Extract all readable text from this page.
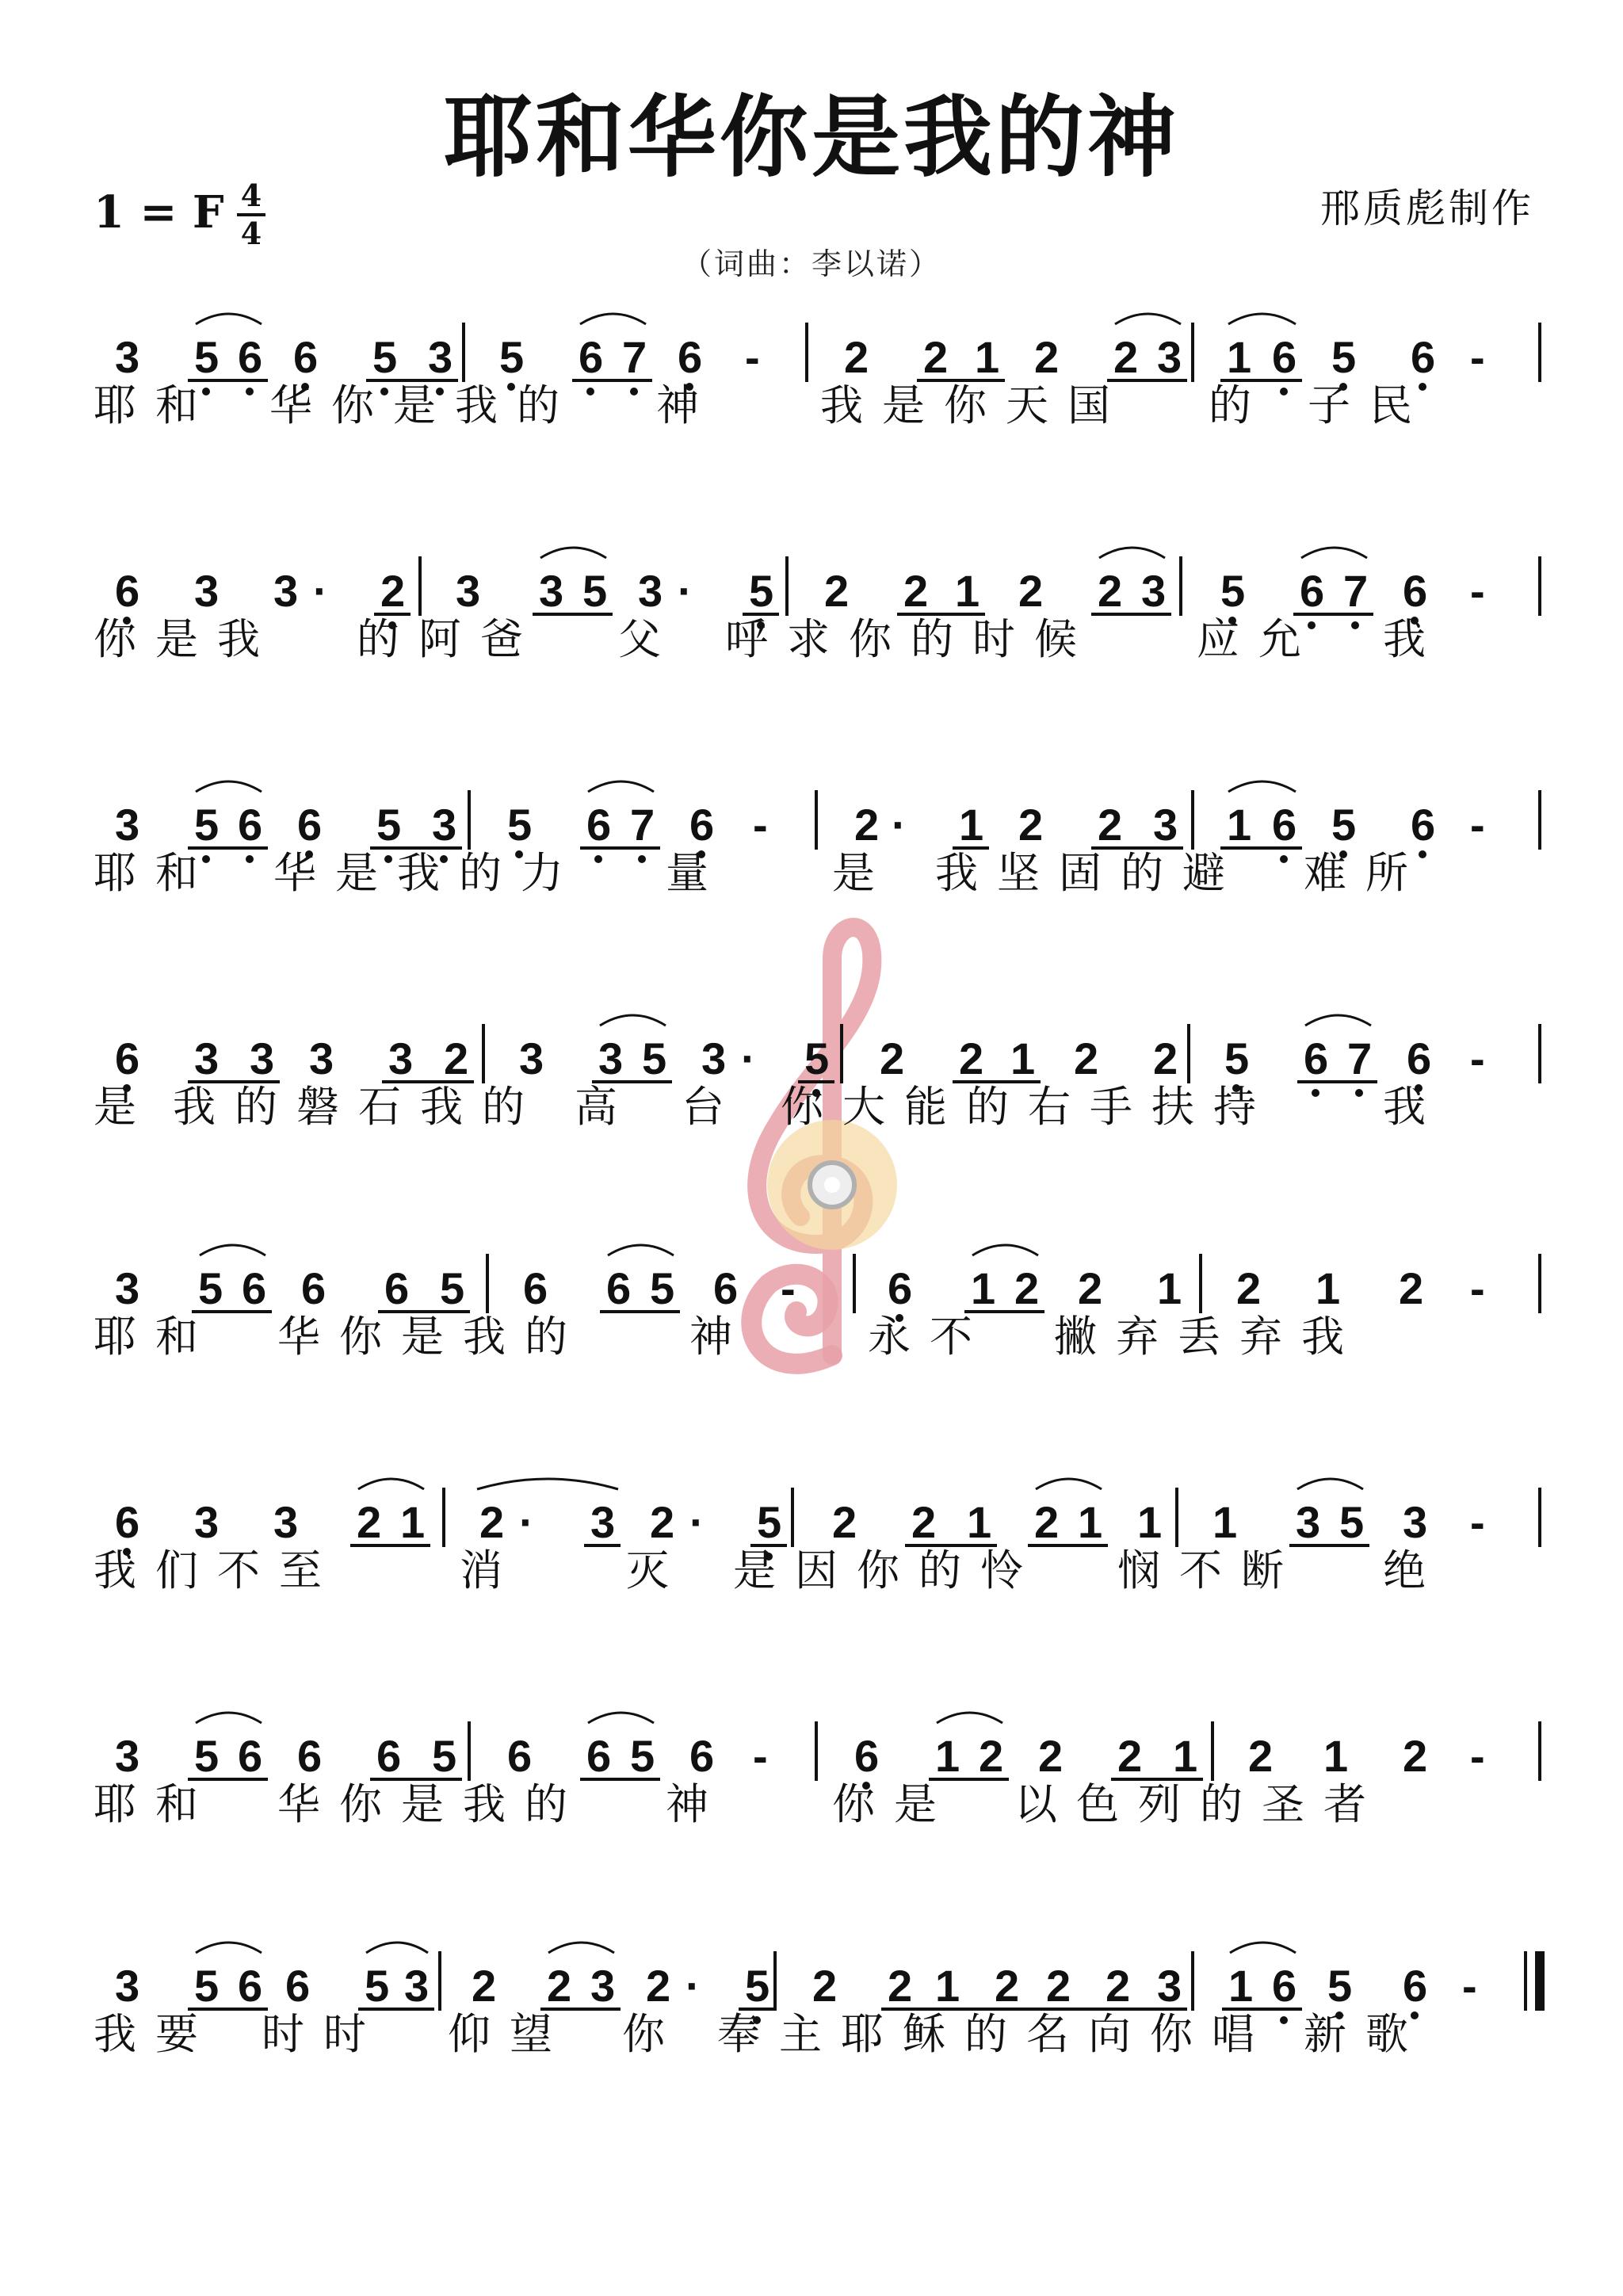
耶和华你是我的神
1 = F 4
4
邢质彪制作
（词曲：李以诺）
3 5 6 6 5 3 5 6 7 6 - 2 2 1 2 2 3 1 6 5 6 -
耶和 华你是我的 神 我是你天国 的 子民
6 3 3 · 2 3 3 5 3 · 5 2 2 1 2 2 3 5 6 7 6 -
你是我 的阿爸 父 呼求你的时候 应允 我
3 5 6 6 5 3 5 6 7 6 - 2 · 1 2 2 3 1 6 5 6 -
耶和 华是我的力 量 是 我坚固的避 难所
6 3 3 3 3 2 3 3 5 3 · 5 2 2 1 2 2 5 6 7 6 -
是 我的磐石我的 高 台 你大能的右手扶持	我
3 5 6 6 6 5 6 6 5 6 - 6 1 2 2 1 2 1 2 -
耶和 华你是我的 神	永不 撇弃丢弃我
6 3 3 2 1 2 · 3 2 · 5 2 2 1 2 1 1 1 3 5 3 -
我们不至	消 灭 是因你的怜 悯不断 绝
3 5 6 6 6 5 6 6 5 6 - 6 1 2 2 2 1 2 1 2 -
耶和 华你是我的 神 你是 以色列的圣者
3 5 6 6 5 3 2 2 3 2 · 5 2 2 1 2 2 2 3 1 6 5 6 -
我要 时时 仰望 你 奉主耶稣的名向你唱 新歌
